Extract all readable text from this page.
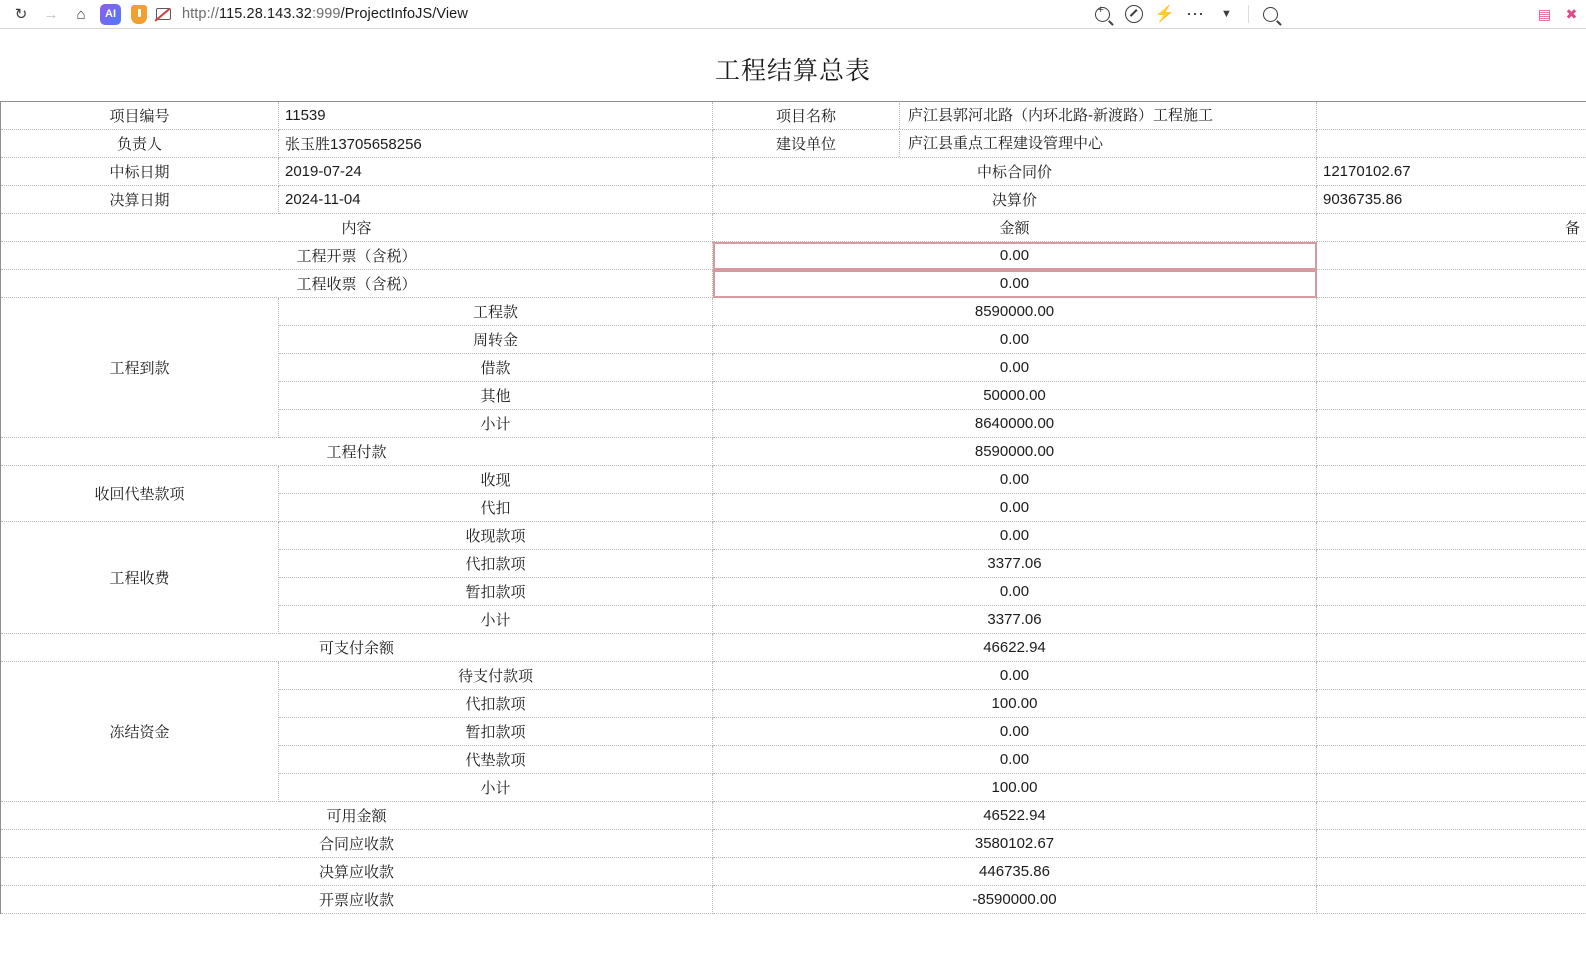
↻	→	⌂	AI	http:// 115.28.143.32 :999 /ProjectInfoJS/View +	⚡ ⋯	▼	▤ ✖
工程结算总表
项目编号	11539	项目名称 庐江县郭河北路（内环北路-新渡路）工程施工	

负责人	张玉胜13705658256	建设单位 庐江县重点工程建设管理中心	

中标日期	2019-07-24	中标合同价	12170102.67
决算日期	2024-11-04	决算价	9036735.86
内容		金额	备
工程开票（含税）		0.00	
工程收票（含税）		0.00	
工程到款	工程款	8590000.00	
	周转金	0.00	
	借款	0.00	
	其他	50000.00	
	小计	8640000.00	
工程付款		8590000.00	
收回代垫款项	收现	0.00	
	代扣	0.00	
工程收费	收现款项	0.00	
	代扣款项	3377.06	
	暂扣款项	0.00	
	小计	3377.06	
可支付余额		46622.94	
冻结资金	待支付款项	0.00	
	代扣款项	100.00	
	暂扣款项	0.00	
	代垫款项	0.00	
	小计	100.00	
可用金额		46522.94	
合同应收款		3580102.67	
决算应收款		446735.86	
开票应收款		-8590000.00	
